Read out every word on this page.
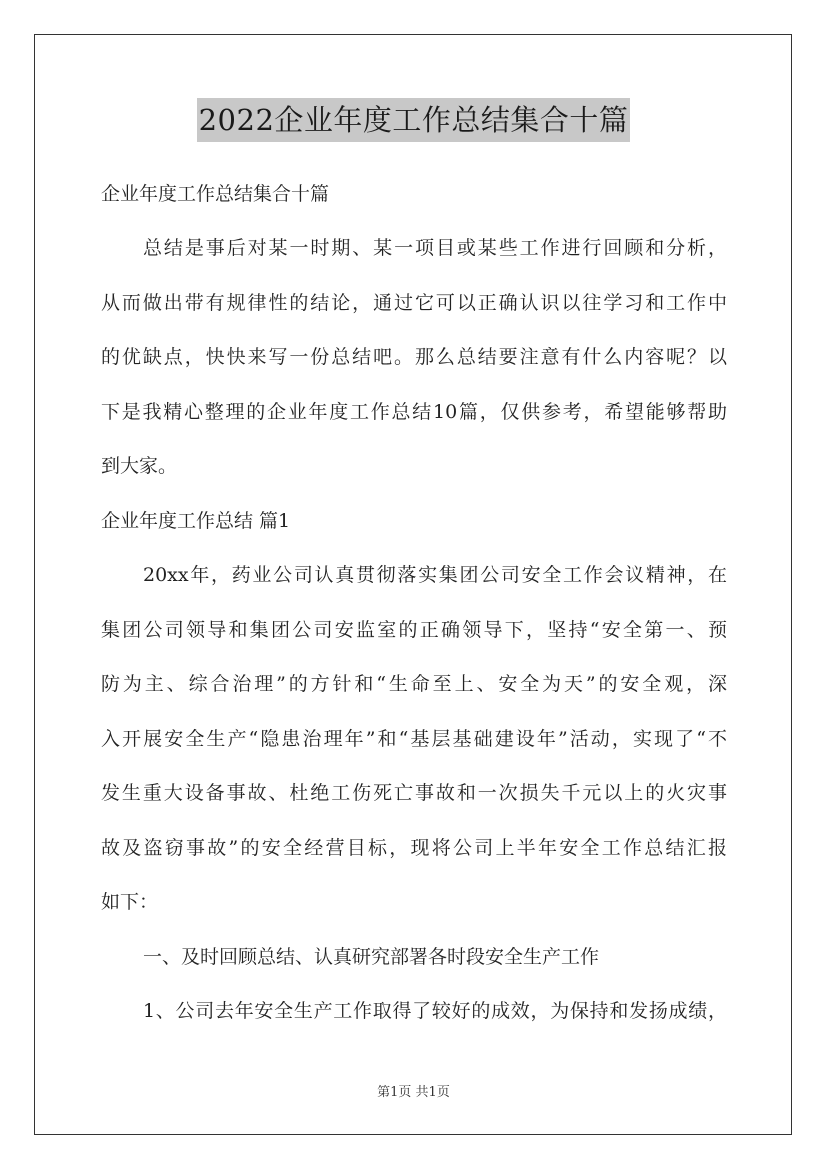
2022企业年度工作总结集合十篇
企业年度工作总结集合十篇
总结是事后对某一时期、某一项目或某些工作进行回顾和分析，
从而做出带有规律性的结论，通过它可以正确认识以往学习和工作中
的优缺点，快快来写一份总结吧。那么总结要注意有什么内容呢？以
下是我精心整理的企业年度工作总结10篇，仅供参考，希望能够帮助
到大家。
企业年度工作总结 篇1
20xx年，药业公司认真贯彻落实集团公司安全工作会议精神，在
集团公司领导和集团公司安监室的正确领导下，坚持“安全第一、预
防为主、综合治理”的方针和“生命至上、安全为天”的安全观，深
入开展安全生产“隐患治理年”和“基层基础建设年”活动，实现了“不
发生重大设备事故、杜绝工伤死亡事故和一次损失千元以上的火灾事
故及盗窃事故”的安全经营目标，现将公司上半年安全工作总结汇报
如下：
一、及时回顾总结、认真研究部署各时段安全生产工作
1、公司去年安全生产工作取得了较好的成效，为保持和发扬成绩，
第1页 共1页
